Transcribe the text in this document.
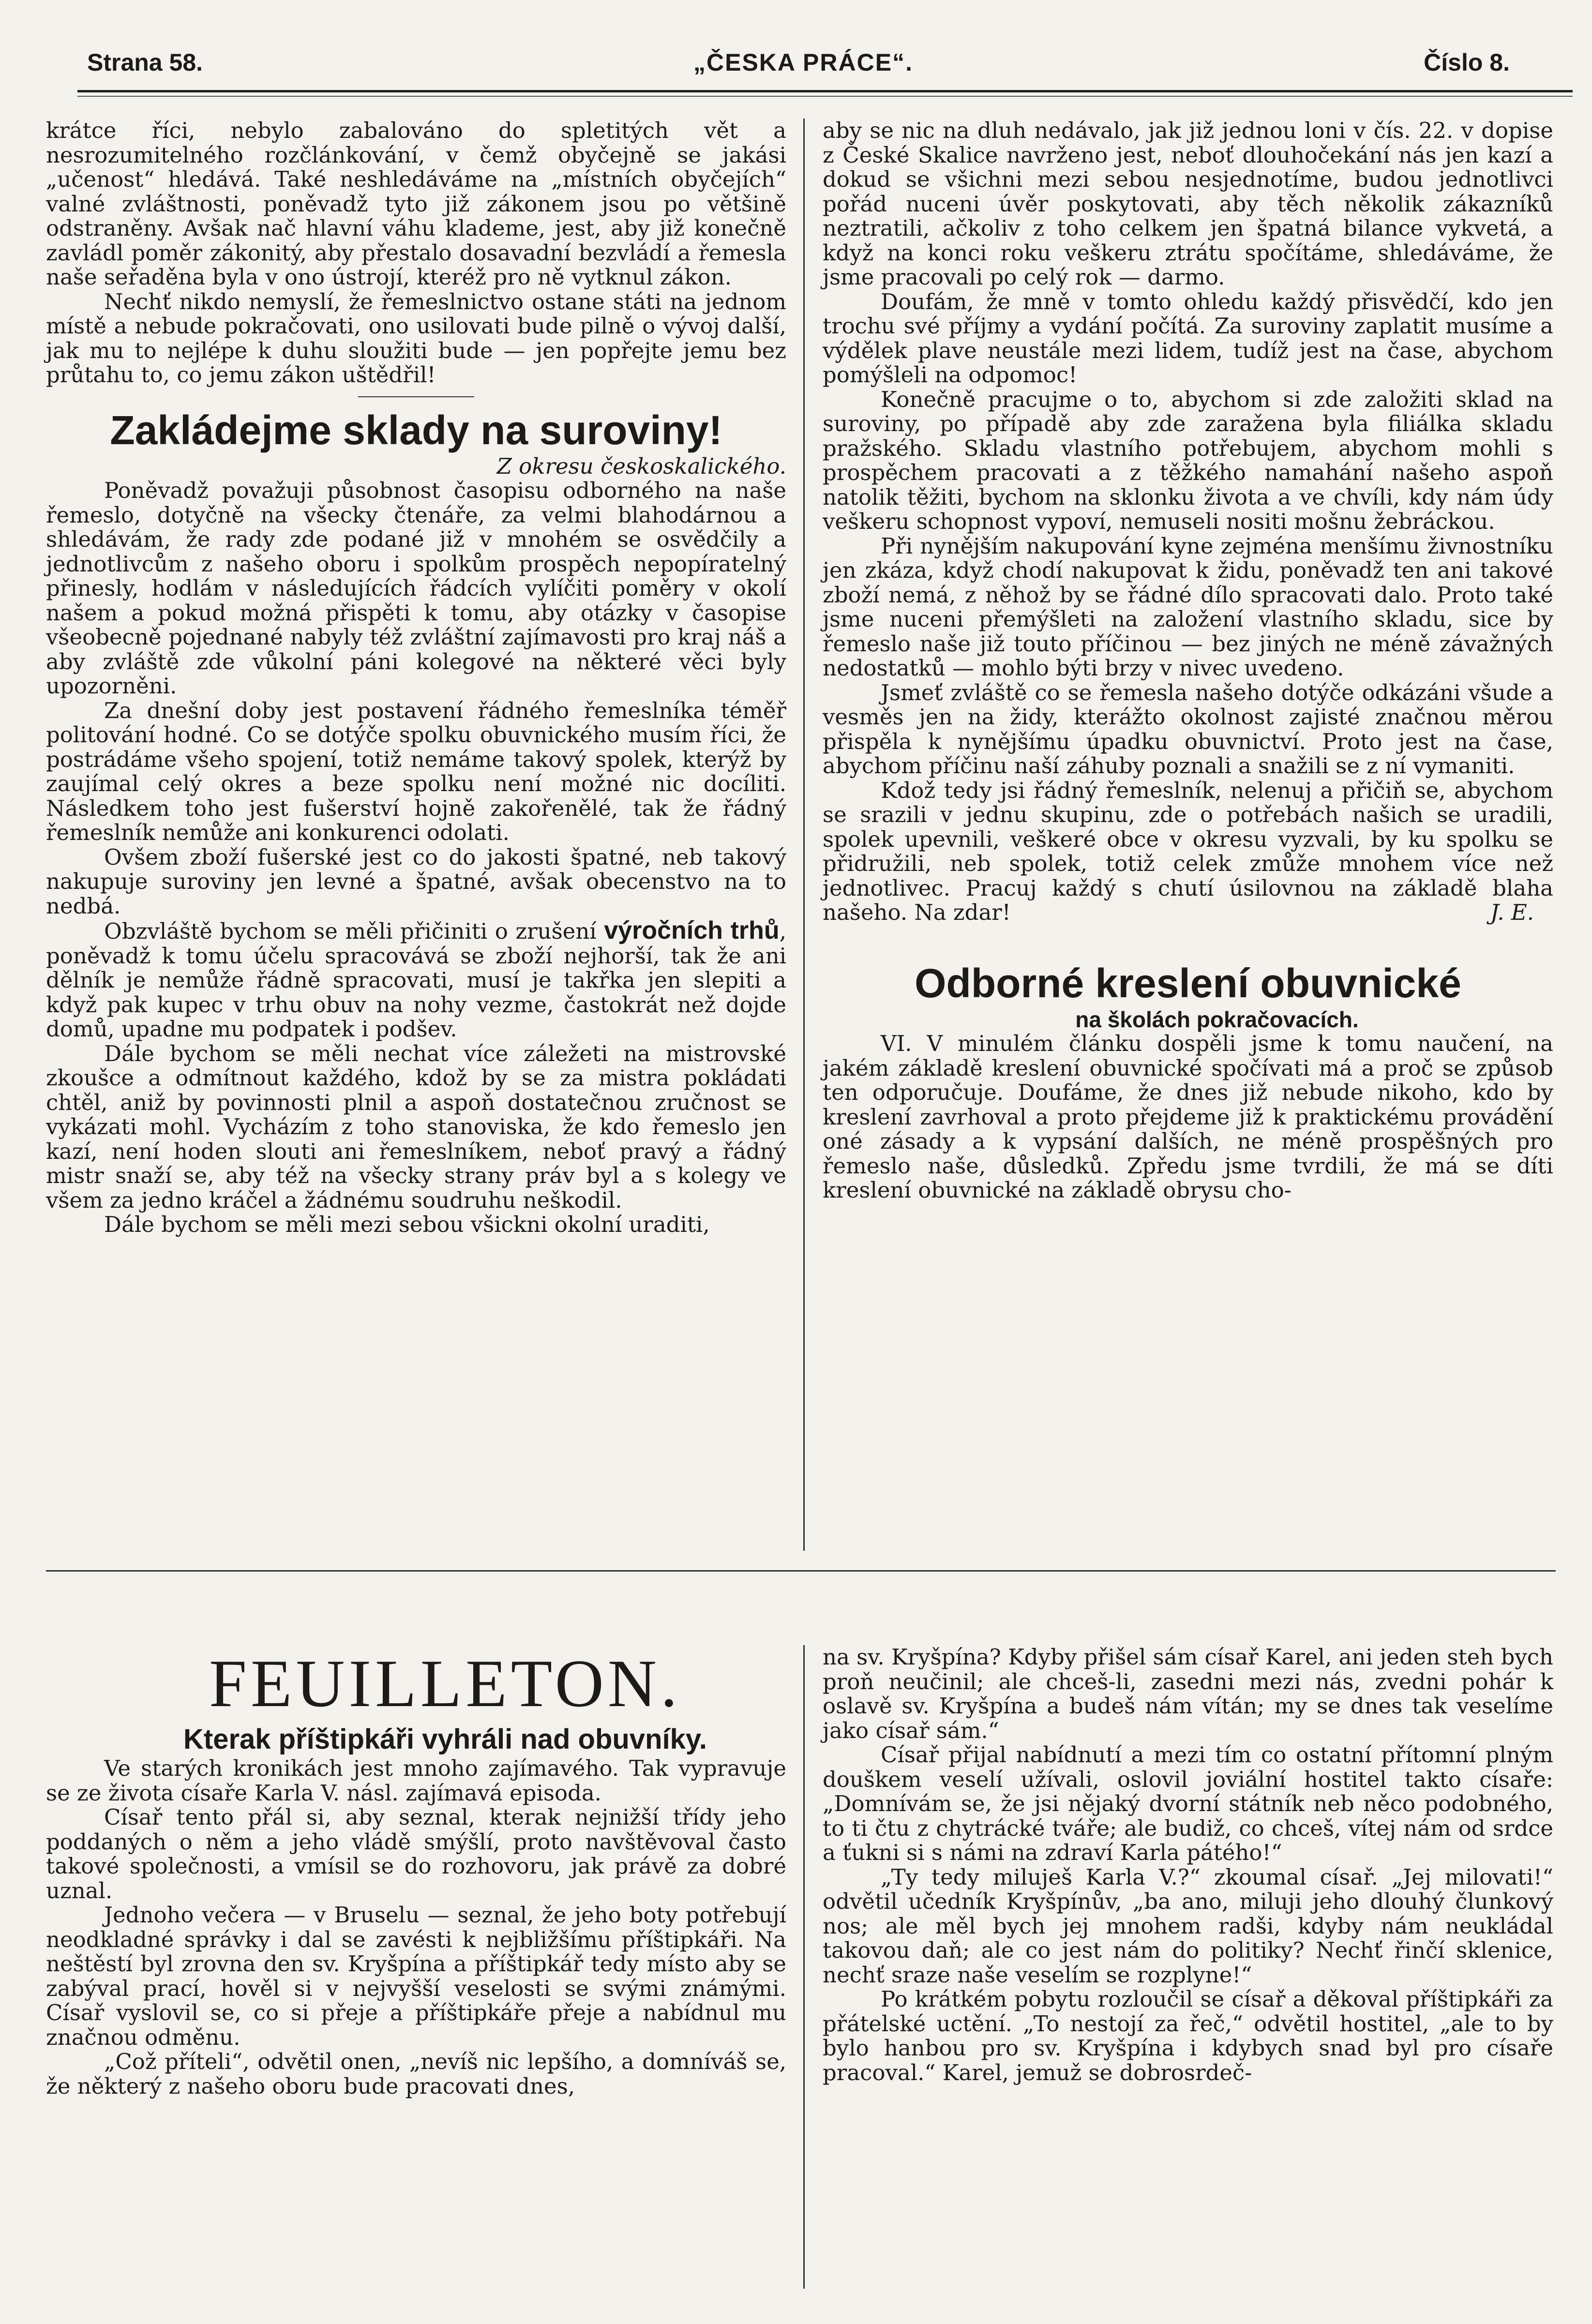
Strana 58.	„ČESKA PRÁCE“.	Číslo 8.

krátce říci, nebylo zabalováno do spletitých vět a nesrozumitelného rozčlánkování, v čemž obyčejně se jakási „učenost“ hledává. Také neshledáváme na „místních obyčejích“ valné zvláštnosti, poněvadž tyto již zákonem jsou po většině odstraněny. Avšak nač hlavní váhu klademe, jest, aby již konečně zavládl poměr zákonitý, aby přestalo dosavadní bezvládí a řemesla naše seřaděna byla v ono ústrojí, kteréž pro ně vytknul zákon.

Nechť nikdo nemyslí, že řemeslnictvo ostane státi na jednom místě a nebude pokračovati, ono usilovati bude pilně o vývoj další, jak mu to nejlépe k duhu sloužiti bude — jen popřejte jemu bez průtahu to, co jemu zákon uštědřil!

Zakládejme sklady na suroviny!

Z okresu českoskalického.

Poněvadž považuji působnost časopisu odborného na naše řemeslo, dotyčně na všecky čtenáře, za velmi blahodárnou a shledávám, že rady zde podané již v mnohém se osvědčily a jednotlivcům z našeho oboru i spolkům prospěch nepopíratelný přinesly, hodlám v následujících řádcích vylíčiti poměry v okolí našem a pokud možná přispěti k tomu, aby otázky v časopise všeobecně pojednané nabyly též zvláštní zajímavosti pro kraj náš a aby zvláště zde vůkolní páni kolegové na některé věci byly upozorněni.

Za dnešní doby jest postavení řádného řemeslníka téměř politování hodné. Co se dotýče spolku obuvnického musím říci, že postrádáme všeho spojení, totiž nemáme takový spolek, kterýž by zaujímal celý okres a beze spolku není možné nic docíliti. Následkem toho jest fušerství hojně zakořenělé, tak že řádný řemeslník nemůže ani konkurenci odolati.

Ovšem zboží fušerské jest co do jakosti špatné, neb takový nakupuje suroviny jen levné a špatné, avšak obecenstvo na to nedbá.

Obzvláště bychom se měli přičiniti o zrušení výročních trhů, poněvadž k tomu účelu spracovává se zboží nejhorší, tak že ani dělník je nemůže řádně spracovati, musí je takřka jen slepiti a když pak kupec v trhu obuv na nohy vezme, častokrát než dojde domů, upadne mu podpatek i podšev.

Dále bychom se měli nechat více záležeti na mistrovské zkoušce a odmítnout každého, kdož by se za mistra pokládati chtěl, aniž by povinnosti plnil a aspoň dostatečnou zručnost se vykázati mohl. Vycházím z toho stanoviska, že kdo řemeslo jen kazí, není hoden slouti ani řemeslníkem, neboť pravý a řádný mistr snaží se, aby též na všecky strany práv byl a s kolegy ve všem za jedno kráčel a žádnému soudruhu neškodil.

Dále bychom se měli mezi sebou všickni okolní uraditi,

aby se nic na dluh nedávalo, jak již jednou loni v čís. 22. v dopise z České Skalice navrženo jest, neboť dlouhočekání nás jen kazí a dokud se všichni mezi sebou nesjednotíme, budou jednotlivci pořád nuceni úvěr poskytovati, aby těch několik zákazníků neztratili, ačkoliv z toho celkem jen špatná bilance vykvetá, a když na konci roku veškeru ztrátu spočítáme, shledáváme, že jsme pracovali po celý rok — darmo.

Doufám, že mně v tomto ohledu každý přisvědčí, kdo jen trochu své příjmy a vydání počítá. Za suroviny zaplatit musíme a výdělek plave neustále mezi lidem, tudíž jest na čase, abychom pomýšleli na odpomoc!

Konečně pracujme o to, abychom si zde založiti sklad na suroviny, po případě aby zde zaražena byla filiálka skladu pražského. Skladu vlastního potřebujem, abychom mohli s prospěchem pracovati a z těžkého namahání našeho aspoň natolik těžiti, bychom na sklonku života a ve chvíli, kdy nám údy veškeru schopnost vypoví, nemuseli nositi mošnu žebráckou.

Při nynějším nakupování kyne zejména menšímu živnostníku jen zkáza, když chodí nakupovat k židu, poněvadž ten ani takové zboží nemá, z něhož by se řádné dílo spracovati dalo. Proto také jsme nuceni přemýšleti na založení vlastního skladu, sice by řemeslo naše již touto příčinou — bez jiných ne méně závažných nedostatků — mohlo býti brzy v nivec uvedeno.

Jsmeť zvláště co se řemesla našeho dotýče odkázáni všude a vesměs jen na židy, kterážto okolnost zajisté značnou měrou přispěla k nynějšímu úpadku obuvnictví. Proto jest na čase, abychom příčinu naší záhuby poznali a snažili se z ní vymaniti.

Kdož tedy jsi řádný řemeslník, nelenuj a přičiň se, abychom se srazili v jednu skupinu, zde o potřebách našich se uradili, spolek upevnili, veškeré obce v okresu vyzvali, by ku spolku se přidružili, neb spolek, totiž celek zmůže mnohem více než jednotlivec. Pracuj každý s chutí úsilovnou na základě blaha našeho. Na zdar!	J. E.

Odborné kreslení obuvnické

na školách pokračovacích.

VI. V minulém článku dospěli jsme k tomu naučení, na jakém základě kreslení obuvnické spočívati má a proč se způsob ten odporučuje. Doufáme, že dnes již nebude nikoho, kdo by kreslení zavrhoval a proto přejdeme již k praktickému provádění oné zásady a k vypsání dalších, ne méně prospěšných pro řemeslo naše, důsledků. Zpředu jsme tvrdili, že má se díti kreslení obuvnické na základě obrysu cho-

FEUILLETON.

Kterak příštipkáři vyhráli nad obuvníky.

Ve starých kronikách jest mnoho zajímavého. Tak vypravuje se ze života císaře Karla V. násl. zajímavá episoda.

Císař tento přál si, aby seznal, kterak nejnižší třídy jeho poddaných o něm a jeho vládě smýšlí, proto navštěvoval často takové společnosti, a vmísil se do rozhovoru, jak právě za dobré uznal.

Jednoho večera — v Bruselu — seznal, že jeho boty potřebují neodkladné správky i dal se zavésti k nejbližšímu příštipkáři. Na neštěstí byl zrovna den sv. Kryšpína a příštipkář tedy místo aby se zabýval prací, hověl si v nejvyšší veselosti se svými známými. Císař vyslovil se, co si přeje a příštipkáře přeje a nabídnul mu značnou odměnu.

„Což příteli“, odvětil onen, „nevíš nic lepšího, a domníváš se, že některý z našeho oboru bude pracovati dnes,

na sv. Kryšpína? Kdyby přišel sám císař Karel, ani jeden steh bych proň neučinil; ale chceš-li, zasedni mezi nás, zvedni pohár k oslavě sv. Kryšpína a budeš nám vítán; my se dnes tak veselíme jako císař sám.“

Císař přijal nabídnutí a mezi tím co ostatní přítomní plným douškem veselí užívali, oslovil joviální hostitel takto císaře: „Domnívám se, že jsi nějaký dvorní státník neb něco podobného, to ti čtu z chytrácké tváře; ale budiž, co chceš, vítej nám od srdce a ťukni si s námi na zdraví Karla pátého!“

„Ty tedy miluješ Karla V.?“ zkoumal císař. „Jej milovati!“ odvětil učedník Kryšpínův, „ba ano, miluji jeho dlouhý člunkový nos; ale měl bych jej mnohem radši, kdyby nám neukládal takovou daň; ale co jest nám do politiky? Nechť řinčí sklenice, nechť sraze naše veselím se rozplyne!“

Po krátkém pobytu rozloučil se císař a děkoval příštipkáři za přátelské uctění. „To nestojí za řeč,“ odvětil hostitel, „ale to by bylo hanbou pro sv. Kryšpína i kdybych snad byl pro císaře pracoval.“ Karel, jemuž se dobrosrdeč-
